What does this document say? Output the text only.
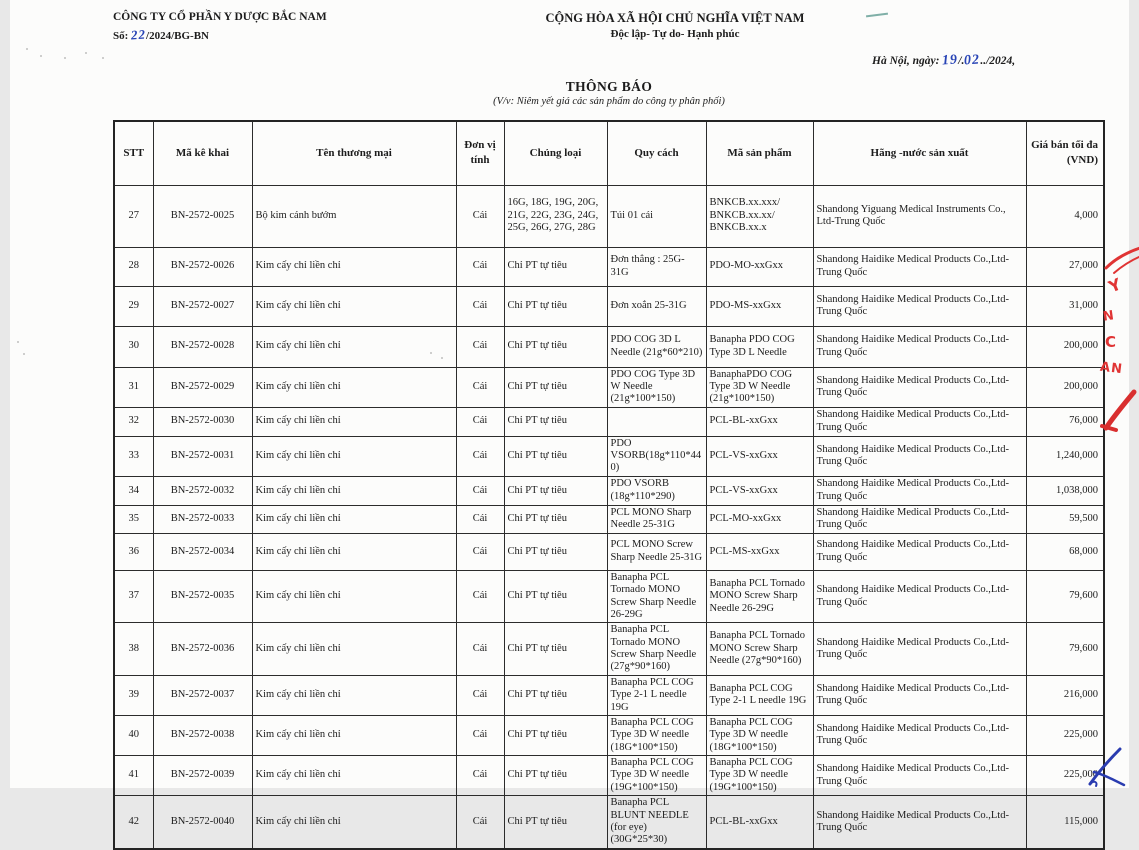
CÔNG TY CỔ PHẦN Y DƯỢC BẮC NAM
Số: 22/2024/BG-BN
CỘNG HÒA XÃ HỘI CHỦ NGHĨA VIỆT NAM
Độc lập- Tự do- Hạnh phúc
Hà Nội, ngày: 19/.02../2024,
THÔNG BÁO
(V/v: Niêm yết giá các sản phẩm do công ty phân phối)
STT	Mã kê khai	Tên thương mại	Đơn vị tính	Chủng loại	Quy cách	Mã sản phẩm	Hãng -nước sản xuất	Giá bán tối đa (VND)
27	BN-2572-0025	Bộ kim cánh bướm	Cái	16G, 18G, 19G, 20G, 21G, 22G, 23G, 24G, 25G, 26G, 27G, 28G	Túi 01 cái	BNKCB.xx.xxx/ BNKCB.xx.xx/ BNKCB.xx.x	Shandong Yiguang Medical Instruments Co., Ltd-Trung Quốc	4,000
28	BN-2572-0026	Kim cấy chỉ liền chỉ	Cái	Chỉ PT tự tiêu	Đơn thẳng : 25G-31G	PDO-MO-xxGxx	Shandong Haidike Medical Products Co.,Ltd-Trung Quốc	27,000
29	BN-2572-0027	Kim cấy chỉ liền chỉ	Cái	Chỉ PT tự tiêu	Đơn xoắn 25-31G	PDO-MS-xxGxx	Shandong Haidike Medical Products Co.,Ltd-Trung Quốc	31,000
30	BN-2572-0028	Kim cấy chỉ liền chỉ	Cái	Chỉ PT tự tiêu	PDO COG 3D L Needle (21g*60*210)	Banapha PDO COG Type 3D L Needle	Shandong Haidike Medical Products Co.,Ltd-Trung Quốc	200,000
31	BN-2572-0029	Kim cấy chỉ liền chỉ	Cái	Chỉ PT tự tiêu	PDO COG Type 3D W Needle (21g*100*150)	BanaphaPDO COG Type 3D W Needle (21g*100*150)	Shandong Haidike Medical Products Co.,Ltd-Trung Quốc	200,000
32	BN-2572-0030	Kim cấy chỉ liền chỉ	Cái	Chỉ PT tự tiêu		PCL-BL-xxGxx	Shandong Haidike Medical Products Co.,Ltd-Trung Quốc	76,000
33	BN-2572-0031	Kim cấy chỉ liền chỉ	Cái	Chỉ PT tự tiêu	PDO VSORB(18g*110*440)	PCL-VS-xxGxx	Shandong Haidike Medical Products Co.,Ltd-Trung Quốc	1,240,000
34	BN-2572-0032	Kim cấy chỉ liền chỉ	Cái	Chỉ PT tự tiêu	PDO VSORB (18g*110*290)	PCL-VS-xxGxx	Shandong Haidike Medical Products Co.,Ltd-Trung Quốc	1,038,000
35	BN-2572-0033	Kim cấy chỉ liền chỉ	Cái	Chỉ PT tự tiêu	PCL MONO Sharp Needle 25-31G	PCL-MO-xxGxx	Shandong Haidike Medical Products Co.,Ltd-Trung Quốc	59,500
36	BN-2572-0034	Kim cấy chỉ liền chỉ	Cái	Chỉ PT tự tiêu	PCL MONO Screw Sharp Needle 25-31G	PCL-MS-xxGxx	Shandong Haidike Medical Products Co.,Ltd-Trung Quốc	68,000
37	BN-2572-0035	Kim cấy chỉ liền chỉ	Cái	Chỉ PT tự tiêu	Banapha PCL Tornado MONO Screw Sharp Needle 26-29G	Banapha PCL Tornado MONO Screw Sharp Needle 26-29G	Shandong Haidike Medical Products Co.,Ltd-Trung Quốc	79,600
38	BN-2572-0036	Kim cấy chỉ liền chỉ	Cái	Chỉ PT tự tiêu	Banapha PCL Tornado MONO Screw Sharp Needle (27g*90*160)	Banapha PCL Tornado MONO Screw Sharp Needle (27g*90*160)	Shandong Haidike Medical Products Co.,Ltd-Trung Quốc	79,600
39	BN-2572-0037	Kim cấy chỉ liền chỉ	Cái	Chỉ PT tự tiêu	Banapha PCL COG Type 2-1 L needle 19G	Banapha PCL COG Type 2-1 L needle 19G	Shandong Haidike Medical Products Co.,Ltd-Trung Quốc	216,000
40	BN-2572-0038	Kim cấy chỉ liền chỉ	Cái	Chỉ PT tự tiêu	Banapha PCL COG Type 3D W needle (18G*100*150)	Banapha PCL COG Type 3D W needle (18G*100*150)	Shandong Haidike Medical Products Co.,Ltd-Trung Quốc	225,000
41	BN-2572-0039	Kim cấy chỉ liền chỉ	Cái	Chỉ PT tự tiêu	Banapha PCL COG Type 3D W needle (19G*100*150)	Banapha PCL COG Type 3D W needle (19G*100*150)	Shandong Haidike Medical Products Co.,Ltd-Trung Quốc	225,000
42	BN-2572-0040	Kim cấy chỉ liền chỉ	Cái	Chỉ PT tự tiêu	Banapha PCL BLUNT NEEDLE (for eye) (30G*25*30)	PCL-BL-xxGxx	Shandong Haidike Medical Products Co.,Ltd-Trung Quốc	115,000
Y
N
C
AN
